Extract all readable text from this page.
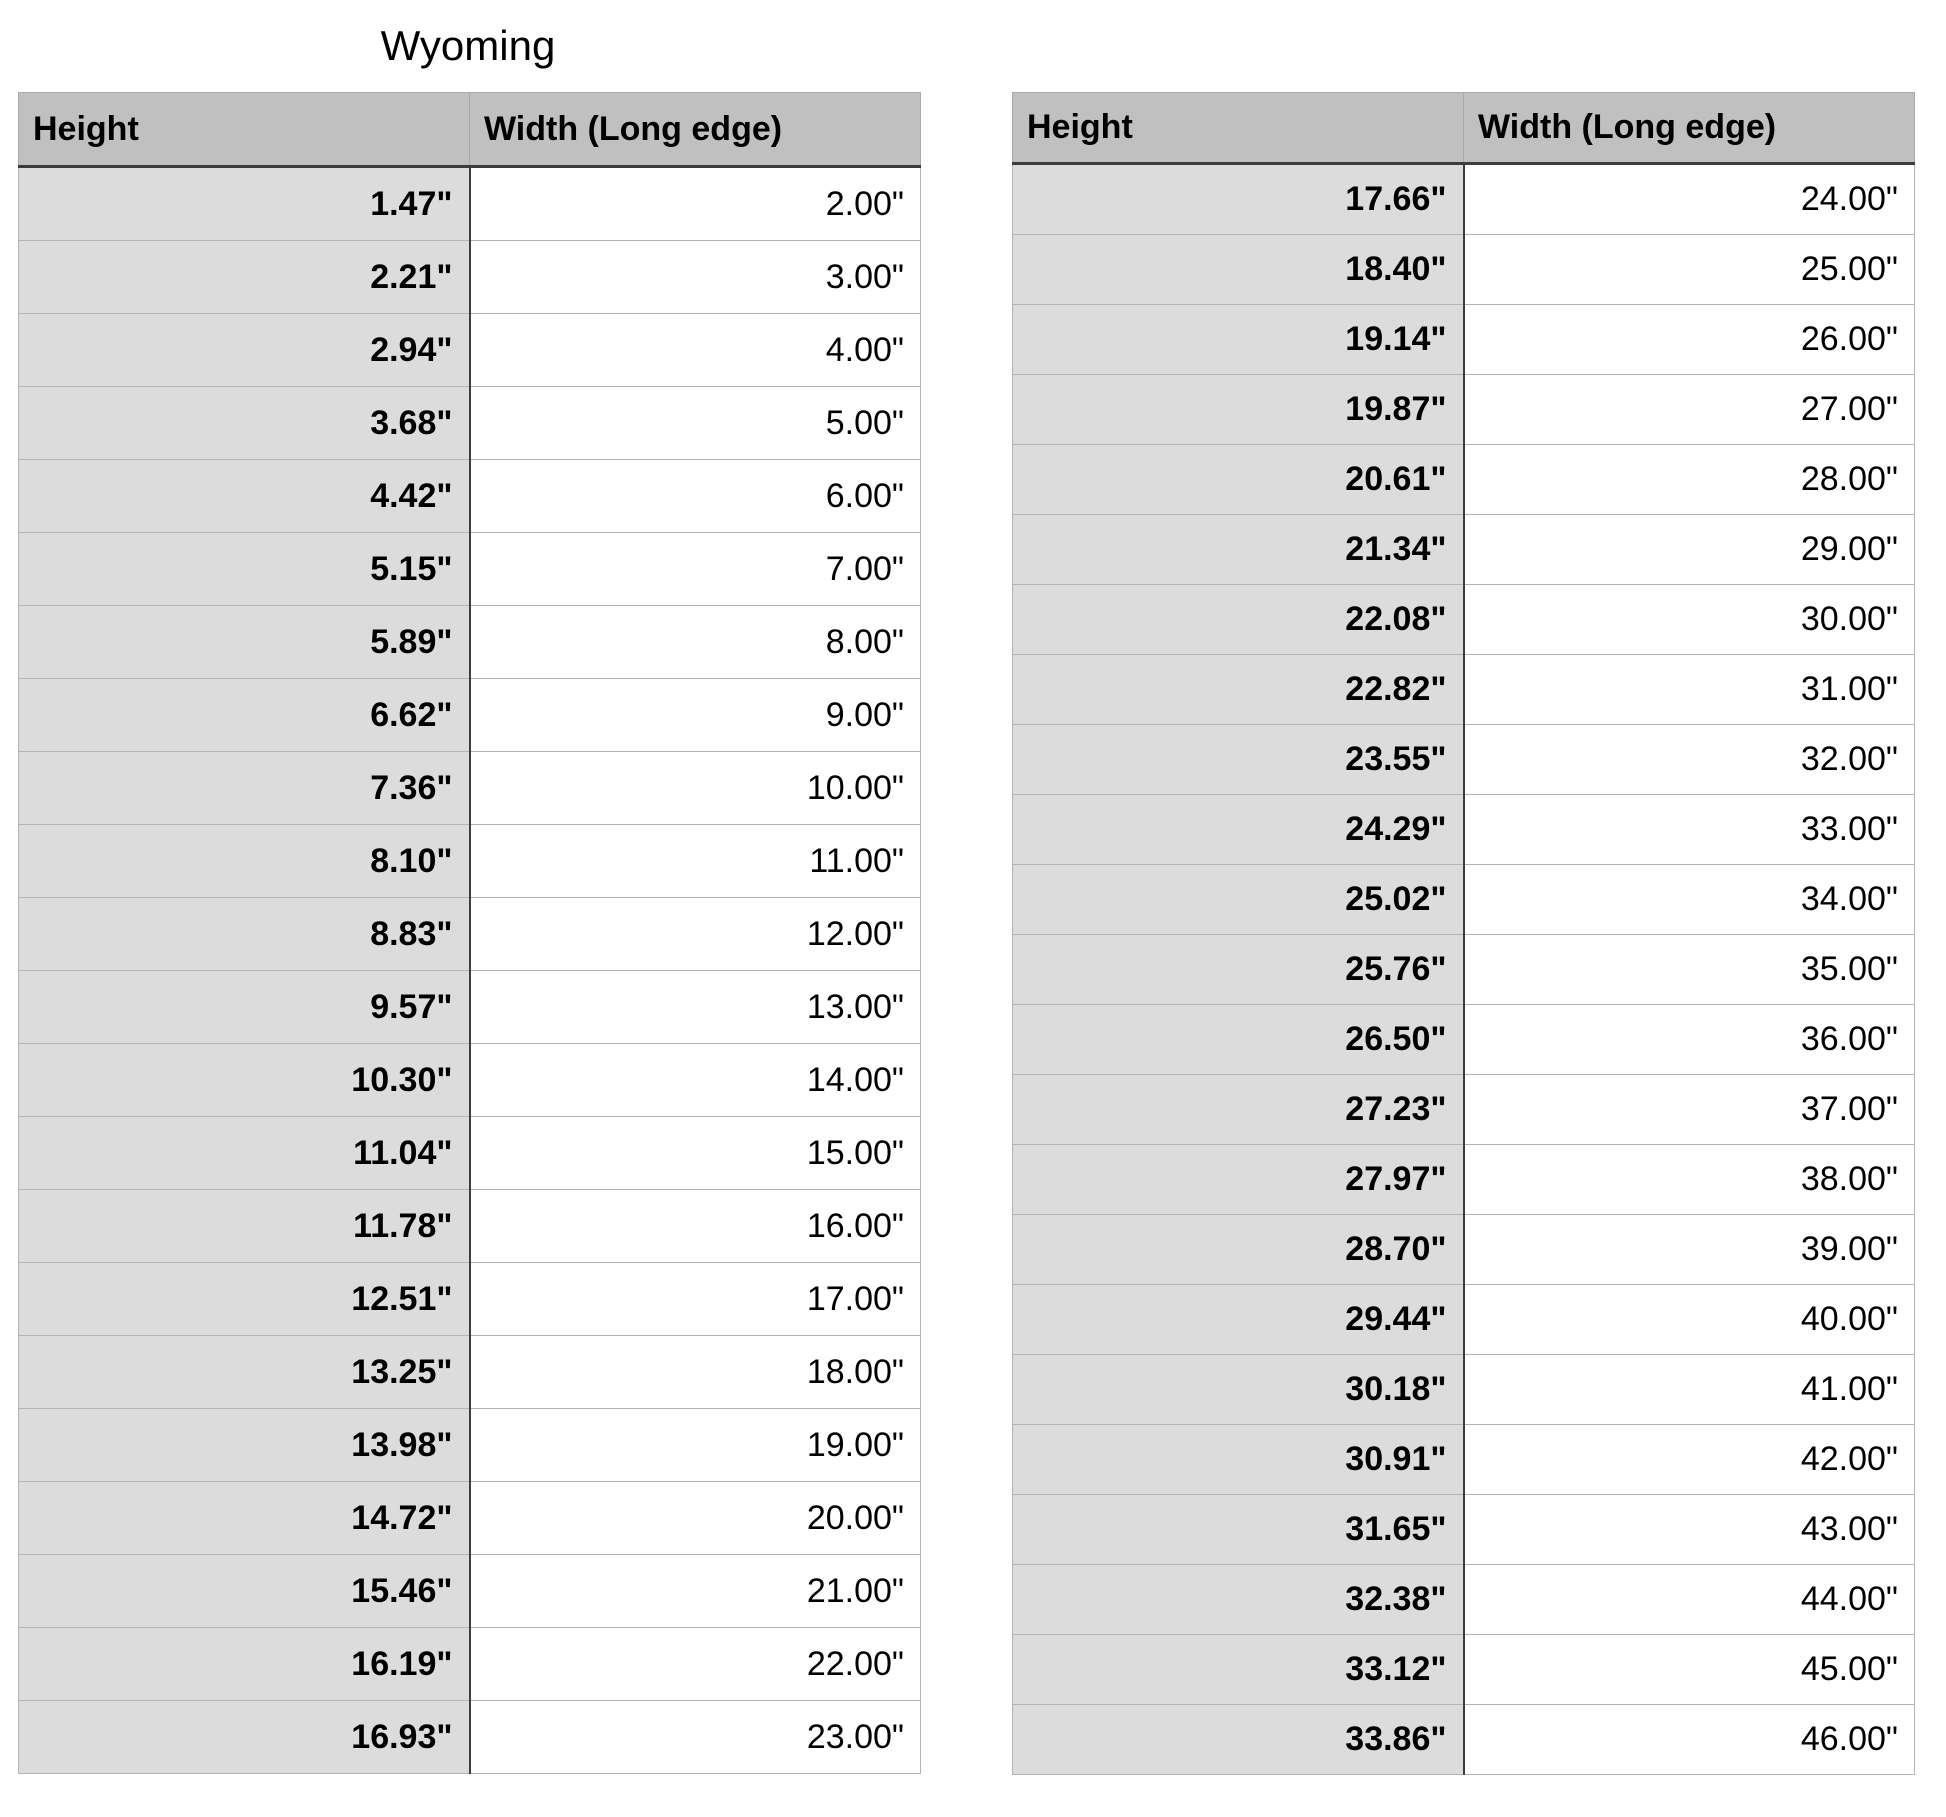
Wyoming
Height	Width (Long edge)
1.47"	2.00"
2.21"	3.00"
2.94"	4.00"
3.68"	5.00"
4.42"	6.00"
5.15"	7.00"
5.89"	8.00"
6.62"	9.00"
7.36"	10.00"
8.10"	11.00"
8.83"	12.00"
9.57"	13.00"
10.30"	14.00"
11.04"	15.00"
11.78"	16.00"
12.51"	17.00"
13.25"	18.00"
13.98"	19.00"
14.72"	20.00"
15.46"	21.00"
16.19"	22.00"
16.93"	23.00"
Height	Width (Long edge)
17.66"	24.00"
18.40"	25.00"
19.14"	26.00"
19.87"	27.00"
20.61"	28.00"
21.34"	29.00"
22.08"	30.00"
22.82"	31.00"
23.55"	32.00"
24.29"	33.00"
25.02"	34.00"
25.76"	35.00"
26.50"	36.00"
27.23"	37.00"
27.97"	38.00"
28.70"	39.00"
29.44"	40.00"
30.18"	41.00"
30.91"	42.00"
31.65"	43.00"
32.38"	44.00"
33.12"	45.00"
33.86"	46.00"
